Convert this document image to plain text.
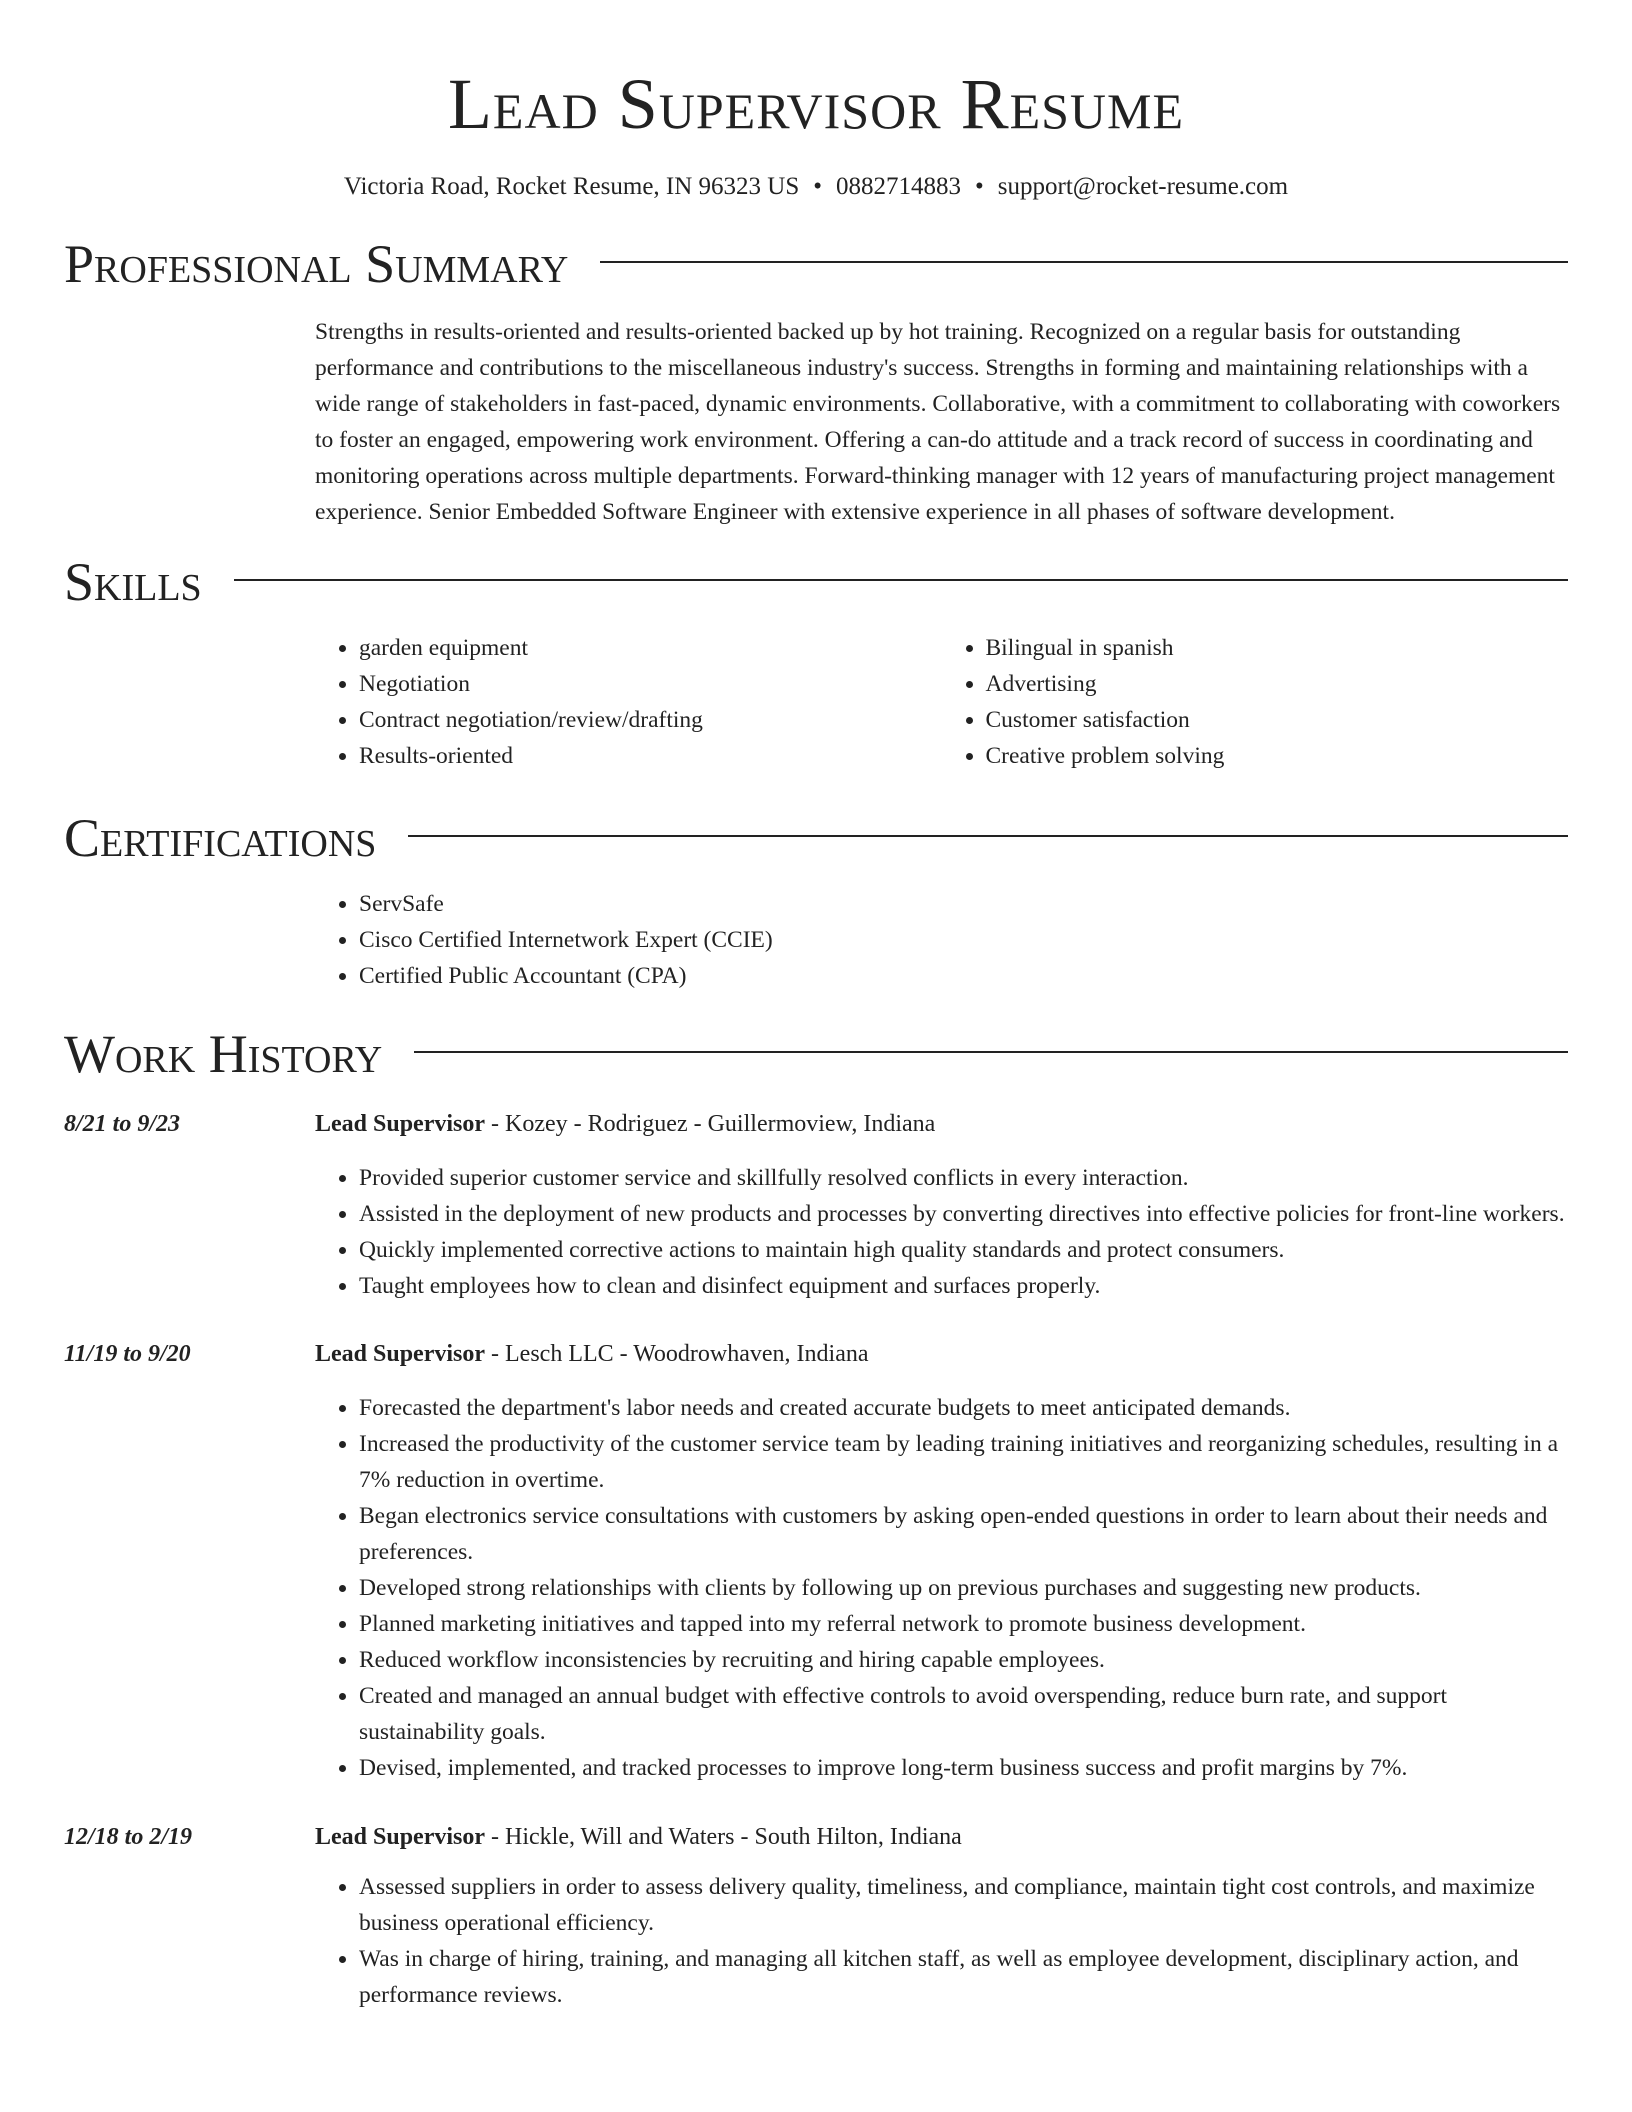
Lead Supervisor Resume
Victoria Road, Rocket Resume, IN 96323 US • 0882714883 • support@rocket-resume.com
Professional Summary

Strengths in results-oriented and results-oriented backed up by hot training. Recognized on a regular basis for outstanding performance and contributions to the miscellaneous industry's success. Strengths in forming and maintaining relationships with a wide range of stakeholders in fast-paced, dynamic environments. Collaborative, with a commitment to collaborating with coworkers to foster an engaged, empowering work environment. Offering a can-do attitude and a track record of success in coordinating and monitoring operations across multiple departments. Forward-thinking manager with 12 years of manufacturing project management experience. Senior Embedded Software Engineer with extensive experience in all phases of software development.

Skills
• garden equipment
• Negotiation
• Contract negotiation/review/drafting
• Results-oriented
• Bilingual in spanish
• Advertising
• Customer satisfaction
• Creative problem solving
Certifications
• ServSafe
• Cisco Certified Internetwork Expert (CCIE)
• Certified Public Accountant (CPA)
Work History
8/21 to 9/23	Lead Supervisor - Kozey - Rodriguez - Guillermoview, Indiana
• Provided superior customer service and skillfully resolved conflicts in every interaction.
• Assisted in the deployment of new products and processes by converting directives into effective policies for front-line workers.
• Quickly implemented corrective actions to maintain high quality standards and protect consumers.
• Taught employees how to clean and disinfect equipment and surfaces properly.
11/19 to 9/20	Lead Supervisor - Lesch LLC - Woodrowhaven, Indiana
• Forecasted the department's labor needs and created accurate budgets to meet anticipated demands.
• Increased the productivity of the customer service team by leading training initiatives and reorganizing schedules, resulting in a 7% reduction in overtime.
• Began electronics service consultations with customers by asking open-ended questions in order to learn about their needs and preferences.
• Developed strong relationships with clients by following up on previous purchases and suggesting new products.
• Planned marketing initiatives and tapped into my referral network to promote business development.
• Reduced workflow inconsistencies by recruiting and hiring capable employees.
• Created and managed an annual budget with effective controls to avoid overspending, reduce burn rate, and support sustainability goals.
• Devised, implemented, and tracked processes to improve long-term business success and profit margins by 7%.
12/18 to 2/19	Lead Supervisor - Hickle, Will and Waters - South Hilton, Indiana
• Assessed suppliers in order to assess delivery quality, timeliness, and compliance, maintain tight cost controls, and maximize business operational efficiency.
• Was in charge of hiring, training, and managing all kitchen staff, as well as employee development, disciplinary action, and performance reviews.
